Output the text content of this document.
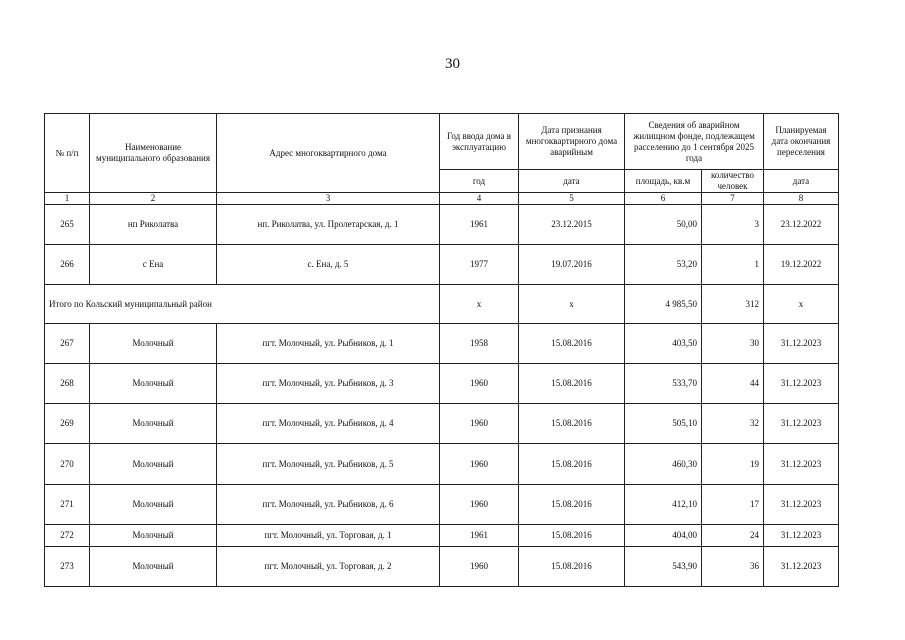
30
№ п/п	Наименование муниципального образования	Адрес многоквартирного дома	Год ввода дома в эксплуатацию	Дата признания многоквартирного дома аварийным	Сведения об аварийном жилищном фонде, подлежащем расселению до 1 сентября 2025 года		Планируемая дата окончания переселения
			год	дата	площадь, кв.м	количество человек	дата
1	2	3	4	5	6	7	8
265	нп Риколатва	нп. Риколатва, ул. Пролетарская, д. 1	1961	23.12.2015	50,00	3	23.12.2022
266	с Ена	с. Ена, д. 5	1977	19.07.2016	53,20	1	19.12.2022
Итого по Кольский муниципальный район			x	x	4 985,50	312	x
267	Молочный	пгт. Молочный, ул. Рыбников, д. 1	1958	15.08.2016	403,50	30	31.12.2023
268	Молочный	пгт. Молочный, ул. Рыбников, д. 3	1960	15.08.2016	533,70	44	31.12.2023
269	Молочный	пгт. Молочный, ул. Рыбников, д. 4	1960	15.08.2016	505,10	32	31.12.2023
270	Молочный	пгт. Молочный, ул. Рыбников, д. 5	1960	15.08.2016	460,30	19	31.12.2023
271	Молочный	пгт. Молочный, ул. Рыбников, д. 6	1960	15.08.2016	412,10	17	31.12.2023
272	Молочный	пгт. Молочный, ул. Торговая, д. 1	1961	15.08.2016	404,00	24	31.12.2023
273	Молочный	пгт. Молочный, ул. Торговая, д. 2	1960	15.08.2016	543,90	36	31.12.2023
